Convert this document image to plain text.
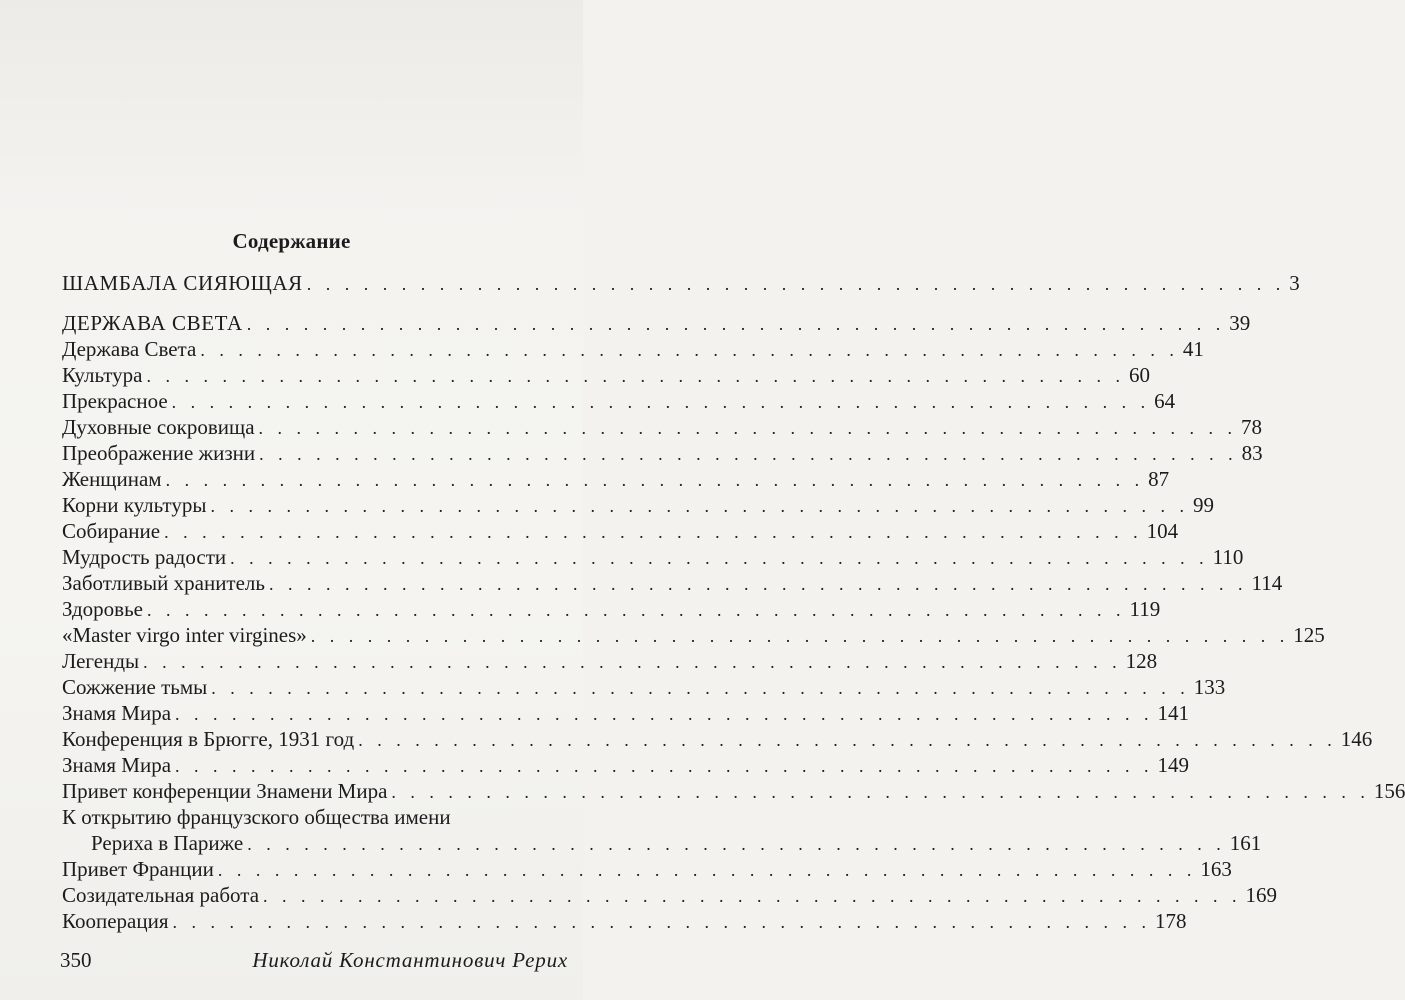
Содержание
ШАМБАЛА СИЯЮЩАЯ . . . . . . . . . . . . . . . . . . . . . . . . . . . . . . . . . . . . . . . . . . . . . . . . . . . . 3
ДЕРЖАВА СВЕТА . . . . . . . . . . . . . . . . . . . . . . . . . . . . . . . . . . . . . . . . . . . . . . . . . . . . 39
Держава Света . . . . . . . . . . . . . . . . . . . . . . . . . . . . . . . . . . . . . . . . . . . . . . . . . . . . 41
Культура . . . . . . . . . . . . . . . . . . . . . . . . . . . . . . . . . . . . . . . . . . . . . . . . . . . . 60
Прекрасное . . . . . . . . . . . . . . . . . . . . . . . . . . . . . . . . . . . . . . . . . . . . . . . . . . . . 64
Духовные сокровища . . . . . . . . . . . . . . . . . . . . . . . . . . . . . . . . . . . . . . . . . . . . . . . . . . . . 78
Преображение жизни . . . . . . . . . . . . . . . . . . . . . . . . . . . . . . . . . . . . . . . . . . . . . . . . . . . . 83
Женщинам . . . . . . . . . . . . . . . . . . . . . . . . . . . . . . . . . . . . . . . . . . . . . . . . . . . . 87
Корни культуры . . . . . . . . . . . . . . . . . . . . . . . . . . . . . . . . . . . . . . . . . . . . . . . . . . . . 99
Собирание . . . . . . . . . . . . . . . . . . . . . . . . . . . . . . . . . . . . . . . . . . . . . . . . . . . . 104
Мудрость радости . . . . . . . . . . . . . . . . . . . . . . . . . . . . . . . . . . . . . . . . . . . . . . . . . . . . 110
Заботливый хранитель . . . . . . . . . . . . . . . . . . . . . . . . . . . . . . . . . . . . . . . . . . . . . . . . . . . . 114
Здоровье . . . . . . . . . . . . . . . . . . . . . . . . . . . . . . . . . . . . . . . . . . . . . . . . . . . . 119
«Master virgo inter virgines» . . . . . . . . . . . . . . . . . . . . . . . . . . . . . . . . . . . . . . . . . . . . . . . . . . . . 125
Легенды . . . . . . . . . . . . . . . . . . . . . . . . . . . . . . . . . . . . . . . . . . . . . . . . . . . . 128
Сожжение тьмы . . . . . . . . . . . . . . . . . . . . . . . . . . . . . . . . . . . . . . . . . . . . . . . . . . . . 133
Знамя Мира . . . . . . . . . . . . . . . . . . . . . . . . . . . . . . . . . . . . . . . . . . . . . . . . . . . . 141
Конференция в Брюгге, 1931 год . . . . . . . . . . . . . . . . . . . . . . . . . . . . . . . . . . . . . . . . . . . . . . . . . . . . 146
Знамя Мира . . . . . . . . . . . . . . . . . . . . . . . . . . . . . . . . . . . . . . . . . . . . . . . . . . . . 149
Привет конференции Знамени Мира . . . . . . . . . . . . . . . . . . . . . . . . . . . . . . . . . . . . . . . . . . . . . . . . . . . . 156
К открытию французского общества имени
Рериха в Париже . . . . . . . . . . . . . . . . . . . . . . . . . . . . . . . . . . . . . . . . . . . . . . . . . . . . 161
Привет Франции . . . . . . . . . . . . . . . . . . . . . . . . . . . . . . . . . . . . . . . . . . . . . . . . . . . . 163
Созидательная работа . . . . . . . . . . . . . . . . . . . . . . . . . . . . . . . . . . . . . . . . . . . . . . . . . . . . 169
Кооперация . . . . . . . . . . . . . . . . . . . . . . . . . . . . . . . . . . . . . . . . . . . . . . . . . . . . 178
350	Николай Константинович Рерих
